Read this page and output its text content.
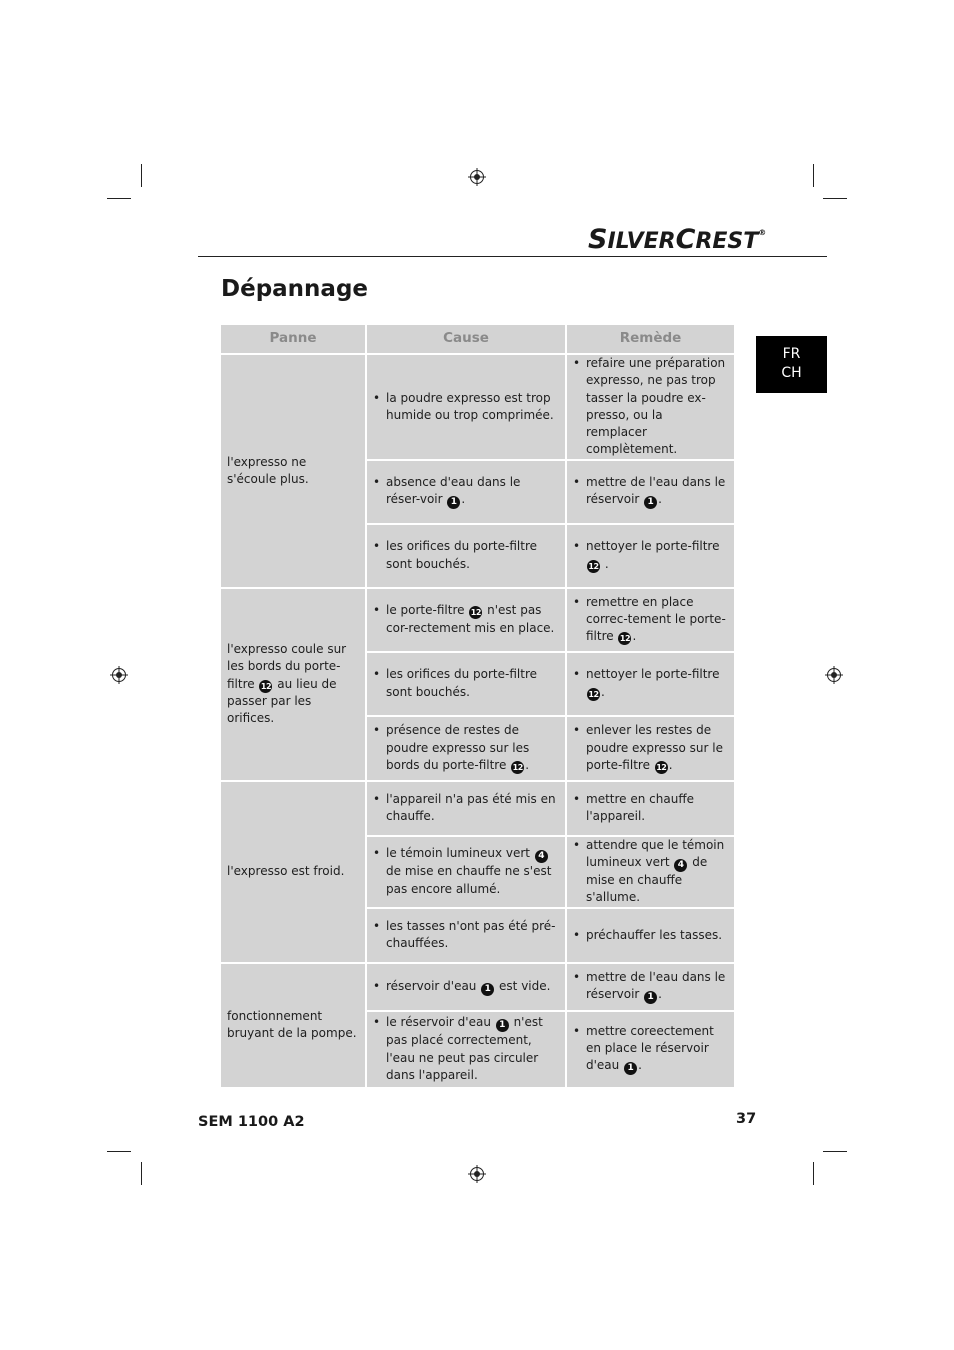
SILVERCREST®
Dépannage
FR
CH
Panne	Cause	Remède
l'expresso ne s'écoule plus.	• la poudre expresso est trop humide ou trop comprimée.	• refaire une préparation expresso, ne pas trop tasser la poudre ex-presso, ou la remplacer complètement.
	• absence d'eau dans le réser-voir 1 .	• mettre de l'eau dans le réservoir 1 .
	• les orifices du porte-filtre sont bouchés.	• nettoyer le porte-filtre 12 .
l'expresso coule sur les bords du porte-filtre 12 au lieu de passer par les orifices.	• le porte-filtre 12 n'est pas cor-rectement mis en place.	• remettre en place correc-tement le porte-filtre 12 .
	• les orifices du porte-filtre sont bouchés.	• nettoyer le porte-filtre 12 .
	• présence de restes de poudre expresso sur les bords du porte-filtre 12 .	• enlever les restes de poudre expresso sur le porte-filtre 12 .
l'expresso est froid.	• l'appareil n'a pas été mis en chauffe.	• mettre en chauffe l'appareil.
	• le témoin lumineux vert 4 de mise en chauffe ne s'est pas encore allumé.	• attendre que le témoin lumineux vert 4 de mise en chauffe s'allume.
	• les tasses n'ont pas été pré-chauffées.	• préchauffer les tasses.
fonctionnement bruyant de la pompe.	• réservoir d'eau 1 est vide.	• mettre de l'eau dans le réservoir 1 .
	• le réservoir d'eau 1 n'est pas placé correctement, l'eau ne peut pas circuler dans l'appareil.	• mettre coreectement en place le réservoir d'eau 1 .
SEM 1100 A2	37
